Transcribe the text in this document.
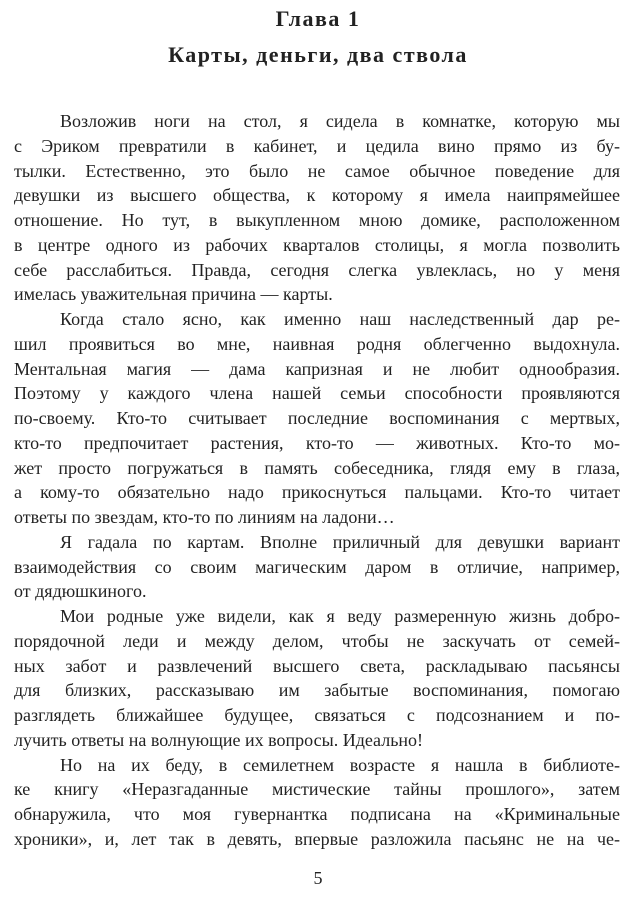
Глава 1
Карты, деньги, два ствола
Возложив ноги на стол, я сидела в комнатке, которую мы
с Эриком превратили в кабинет, и цедила вино прямо из бу-
тылки. Естественно, это было не самое обычное поведение для
девушки из высшего общества, к которому я имела наипрямейшее
отношение. Но тут, в выкупленном мною домике, расположенном
в центре одного из рабочих кварталов столицы, я могла позволить
себе расслабиться. Правда, сегодня слегка увлеклась, но у меня
имелась уважительная причина — карты.
Когда стало ясно, как именно наш наследственный дар ре-
шил проявиться во мне, наивная родня облегченно выдохнула.
Ментальная магия — дама капризная и не любит однообразия.
Поэтому у каждого члена нашей семьи способности проявляются
по-своему. Кто-то считывает последние воспоминания с мертвых,
кто-то предпочитает растения, кто-то — животных. Кто-то мо-
жет просто погружаться в память собеседника, глядя ему в глаза,
а кому-то обязательно надо прикоснуться пальцами. Кто-то читает
ответы по звездам, кто-то по линиям на ладони…
Я гадала по картам. Вполне приличный для девушки вариант
взаимодействия со своим магическим даром в отличие, например,
от дядюшкиного.
Мои родные уже видели, как я веду размеренную жизнь добро-
порядочной леди и между делом, чтобы не заскучать от семей-
ных забот и развлечений высшего света, раскладываю пасьянсы
для близких, рассказываю им забытые воспоминания, помогаю
разглядеть ближайшее будущее, связаться с подсознанием и по-
лучить ответы на волнующие их вопросы. Идеально!
Но на их беду, в семилетнем возрасте я нашла в библиоте-
ке книгу «Неразгаданные мистические тайны прошлого», затем
обнаружила, что моя гувернантка подписана на «Криминальные
хроники», и, лет так в девять, впервые разложила пасьянс не на че-
5
